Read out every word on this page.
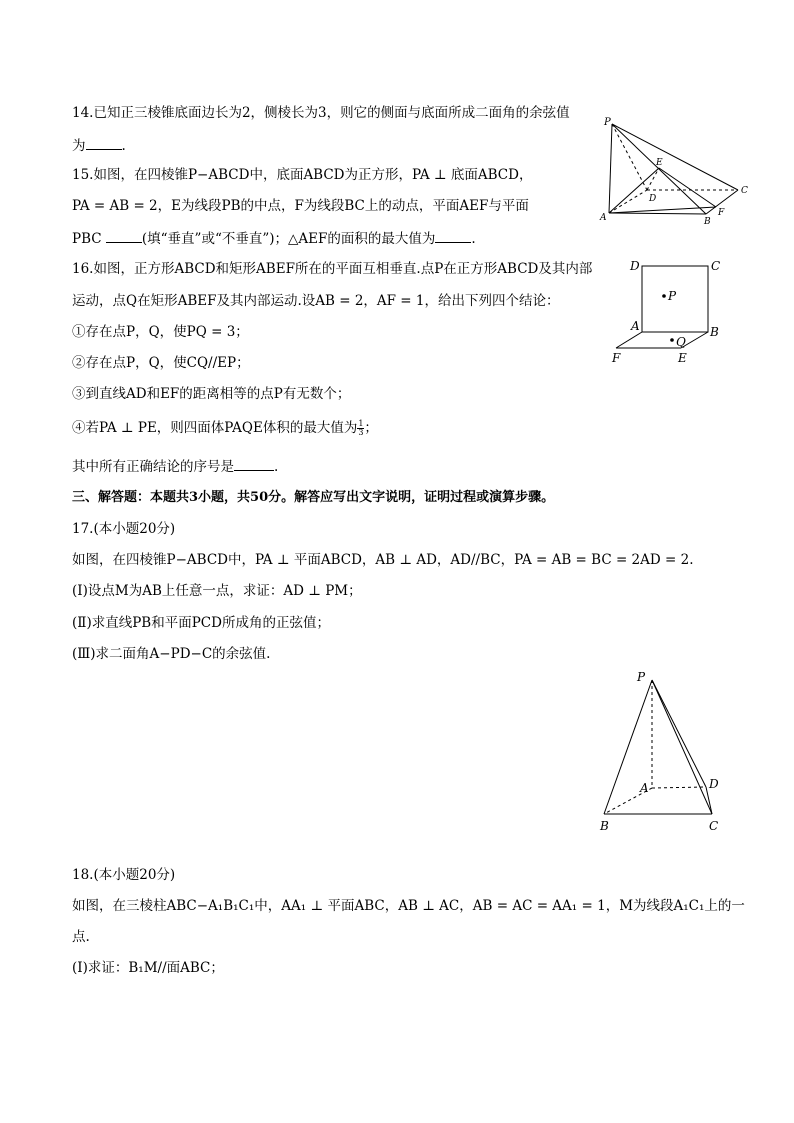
14.已知正三棱锥底面边长为2，侧棱长为3，则它的侧面与底面所成二面角的余弦值
为	.
15.如图，在四棱锥P−ABCD中，底面ABCD为正方形，PA ⊥ 底面ABCD，
PA = AB = 2，E为线段PB的中点，F为线段BC上的动点，平面AEF与平面
PBC	(填“垂直”或“不垂直”)；△AEF的面积的最大值为	.
P
E
D
C
A	B
F
16.如图，正方形ABCD和矩形ABEF所在的平面互相垂直.点P在正方形ABCD及其内部
运动，点Q在矩形ABEF及其内部运动.设AB = 2，AF = 1，给出下列四个结论：
①存在点P，Q，使PQ = 3；
②存在点P，Q，使CQ//EP；
③到直线AD和EF的距离相等的点P有无数个；
④若PA ⊥ PE，则四面体PAQE体积的最大值为 $\frac{1}{3}$ ；
其中所有正确结论的序号是	.
D	C
P
A	B
Q
F	E
三、解答题：本题共3小题，共50分。解答应写出文字说明，证明过程或演算步骤。
17.(本小题20分)
如图，在四棱锥P−ABCD中，PA ⊥ 平面ABCD，AB ⊥ AD，AD//BC，PA = AB = BC = 2AD = 2.
(Ⅰ)设点M为AB上任意一点，求证：AD ⊥ PM；
(Ⅱ)求直线PB和平面PCD所成角的正弦值；
(Ⅲ)求二面角A−PD−C的余弦值.
P
A	D
B	C
18.(本小题20分)
如图，在三棱柱ABC−A₁B₁C₁中，AA₁ ⊥ 平面ABC，AB ⊥ AC，AB = AC = AA₁ = 1，M为线段A₁C₁上的一
点.
(Ⅰ)求证：B₁M//面ABC；
